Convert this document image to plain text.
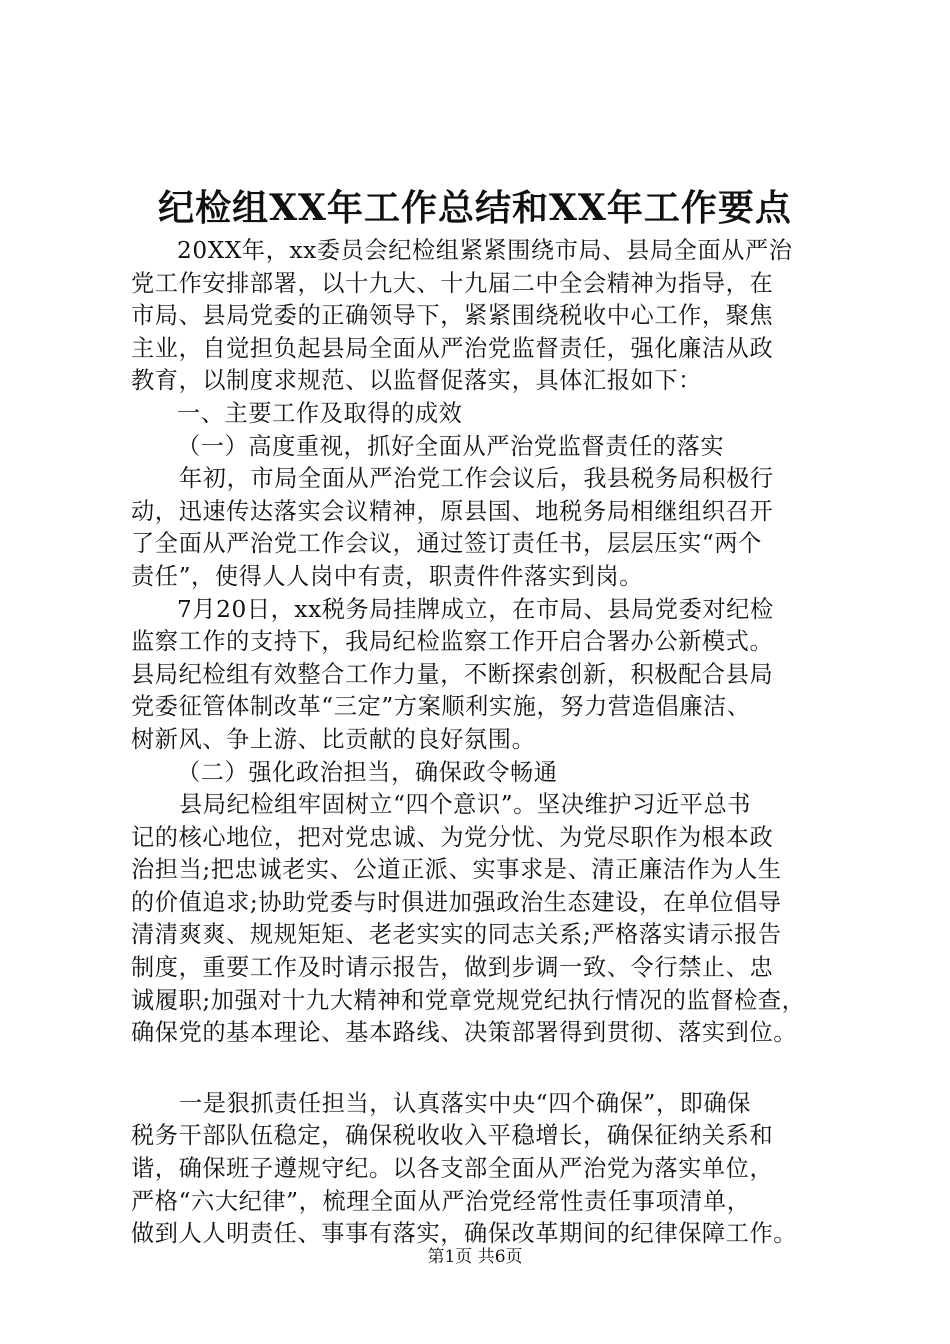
纪检组XX年工作总结和XX年工作要点
20XX年，xx委员会纪检组紧紧围绕市局、县局全面从严治
党工作安排部署，以十九大、十九届二中全会精神为指导，在
市局、县局党委的正确领导下，紧紧围绕税收中心工作，聚焦
主业，自觉担负起县局全面从严治党监督责任，强化廉洁从政
教育，以制度求规范、以监督促落实，具体汇报如下：
一、主要工作及取得的成效
（一）高度重视，抓好全面从严治党监督责任的落实
年初，市局全面从严治党工作会议后，我县税务局积极行
动，迅速传达落实会议精神，原县国、地税务局相继组织召开
了全面从严治党工作会议，通过签订责任书，层层压实“两个
责任”，使得人人岗中有责，职责件件落实到岗。
7月20日，xx税务局挂牌成立，在市局、县局党委对纪检
监察工作的支持下，我局纪检监察工作开启合署办公新模式。
县局纪检组有效整合工作力量，不断探索创新，积极配合县局
党委征管体制改革“三定”方案顺利实施，努力营造倡廉洁、
树新风、争上游、比贡献的良好氛围。
（二）强化政治担当，确保政令畅通
县局纪检组牢固树立“四个意识”。坚决维护习近平总书
记的核心地位，把对党忠诚、为党分忧、为党尽职作为根本政
治担当;把忠诚老实、公道正派、实事求是、清正廉洁作为人生
的价值追求;协助党委与时俱进加强政治生态建设，在单位倡导
清清爽爽、规规矩矩、老老实实的同志关系;严格落实请示报告
制度，重要工作及时请示报告，做到步调一致、令行禁止、忠
诚履职;加强对十九大精神和党章党规党纪执行情况的监督检查，
确保党的基本理论、基本路线、决策部署得到贯彻、落实到位。
一是狠抓责任担当，认真落实中央“四个确保”，即确保
税务干部队伍稳定，确保税收收入平稳增长，确保征纳关系和
谐，确保班子遵规守纪。以各支部全面从严治党为落实单位，
严格“六大纪律”，梳理全面从严治党经常性责任事项清单，
做到人人明责任、事事有落实，确保改革期间的纪律保障工作。
第1页 共6页
